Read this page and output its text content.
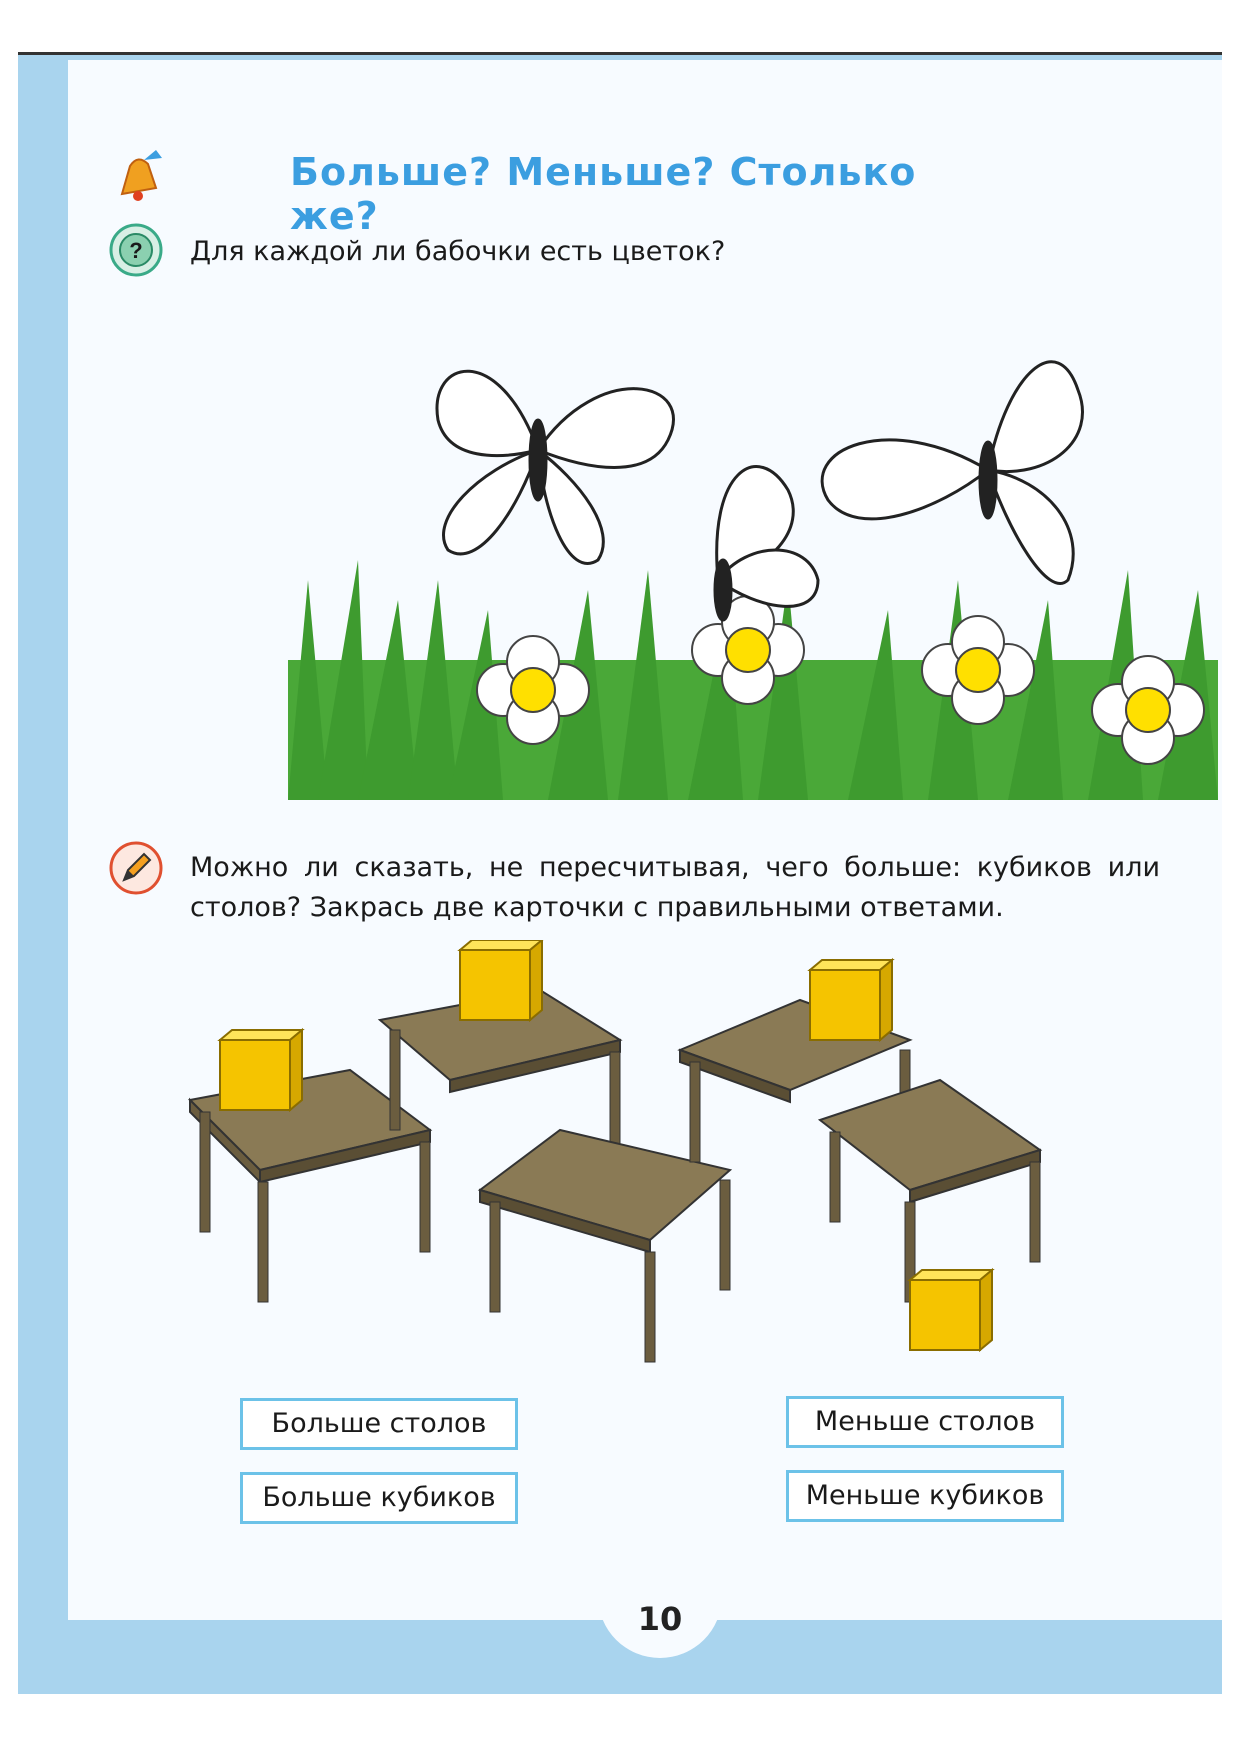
Больше? Меньше? Столько же?
? Для каждой ли бабочки есть цветок?

Можно ли сказать, не пересчитывая, чего больше: кубиков или столов? Закрась две карточки с правильными ответами.

Больше столов	Меньше столов
Больше кубиков	Меньше кубиков
10
